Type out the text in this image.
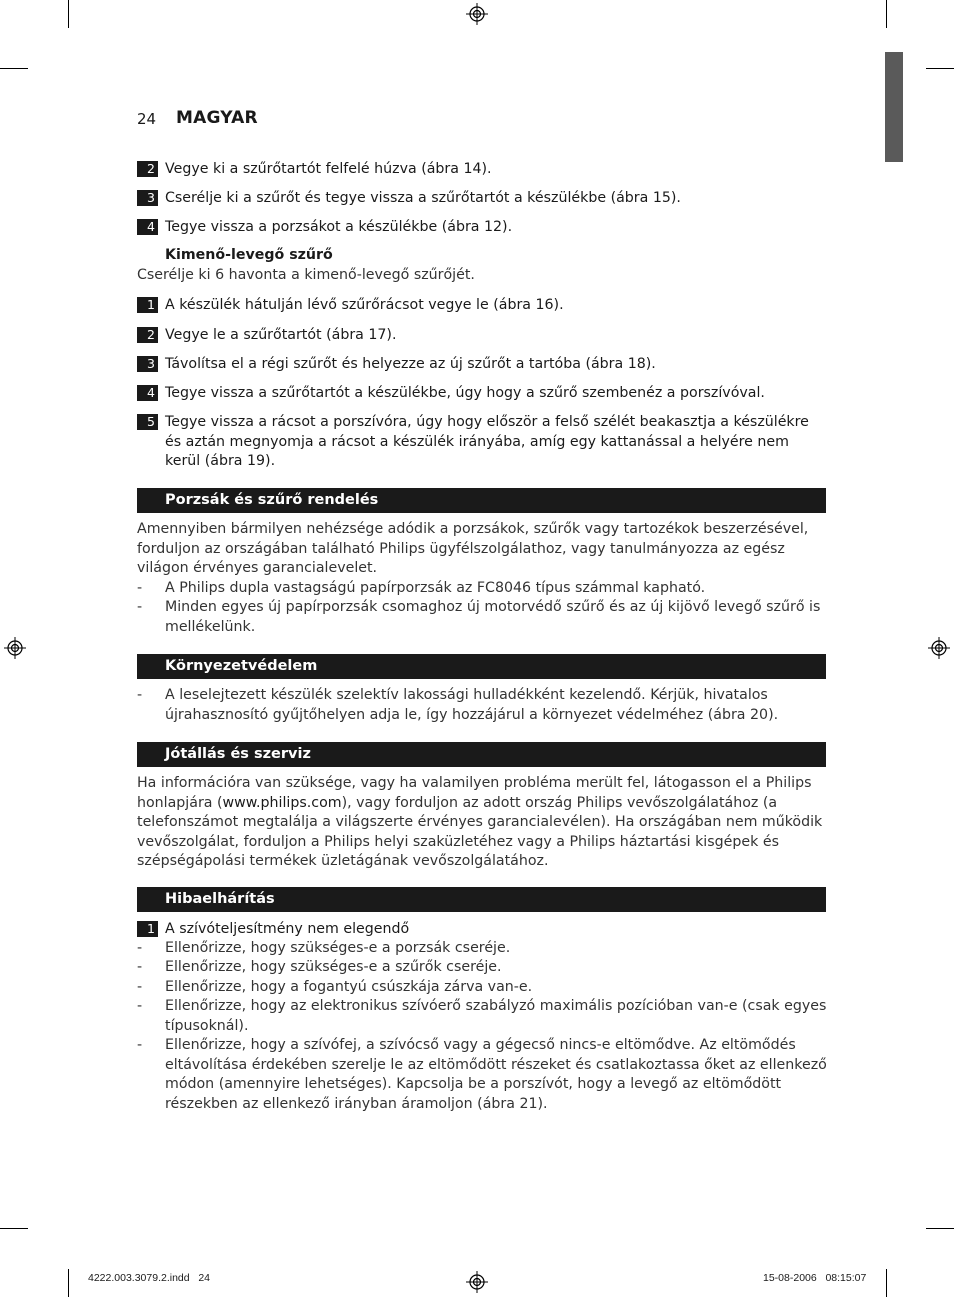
24 MAGYAR
2 Vegye ki a szűrőtartót felfelé húzva (ábra 14).
3 Cserélje ki a szűrőt és tegye vissza a szűrőtartót a készülékbe (ábra 15).
4 Tegye vissza a porzsákot a készülékbe (ábra 12).
Kimenő-levegő szűrő
Cserélje ki 6 havonta a kimenő-levegő szűrőjét.
1 A készülék hátulján lévő szűrőrácsot vegye le (ábra 16).
2 Vegye le a szűrőtartót (ábra 17).
3 Távolítsa el a régi szűrőt és helyezze az új szűrőt a tartóba (ábra 18).
4 Tegye vissza a szűrőtartót a készülékbe, úgy hogy a szűrő szembenéz a porszívóval.
5 Tegye vissza a rácsot a porszívóra, úgy hogy először a felső szélét beakasztja a készülékre és aztán megnyomja a rácsot a készülék irányába, amíg egy kattanással a helyére nem kerül (ábra 19).
Porzsák és szűrő rendelés
Amennyiben bármilyen nehézsége adódik a porzsákok, szűrők vagy tartozékok beszerzésével, forduljon az országában található Philips ügyfélszolgálathoz, vagy tanulmányozza az egész világon érvényes garancialevelet.
- A Philips dupla vastagságú papírporzsák az FC8046 típus számmal kapható.
- Minden egyes új papírporzsák csomaghoz új motorvédő szűrő és az új kijövő levegő szűrő is mellékelünk.
Környezetvédelem
- A leselejtezett készülék szelektív lakossági hulladékként kezelendő. Kérjük, hivatalos újrahasznosító gyűjtőhelyen adja le, így hozzájárul a környezet védelméhez (ábra 20).
Jótállás és szerviz
Ha információra van szüksége, vagy ha valamilyen probléma merült fel, látogasson el a Philips honlapjára (www.philips.com), vagy forduljon az adott ország Philips vevőszolgálatához (a telefonszámot megtalálja a világszerte érvényes garancialevélen). Ha országában nem működik vevőszolgálat, forduljon a Philips helyi szaküzletéhez vagy a Philips háztartási kisgépek és szépségápolási termékek üzletágának vevőszolgálatához.
Hibaelhárítás
1 A szívóteljesítmény nem elegendő
- Ellenőrizze, hogy szükséges-e a porzsák cseréje.
- Ellenőrizze, hogy szükséges-e a szűrők cseréje.
- Ellenőrizze, hogy a fogantyú csúszkája zárva van-e.
- Ellenőrizze, hogy az elektronikus szívóerő szabályzó maximális pozícióban van-e (csak egyes típusoknál).
- Ellenőrizze, hogy a szívófej, a szívócső vagy a gégecső nincs-e eltömődve. Az eltömődés eltávolítása érdekében szerelje le az eltömődött részeket és csatlakoztassa őket az ellenkező módon (amennyire lehetséges). Kapcsolja be a porszívót, hogy a levegő az eltömődött részekben az ellenkező irányban áramoljon (ábra 21).
4222.003.3079.2.indd   24	15-08-2006   08:15:07
